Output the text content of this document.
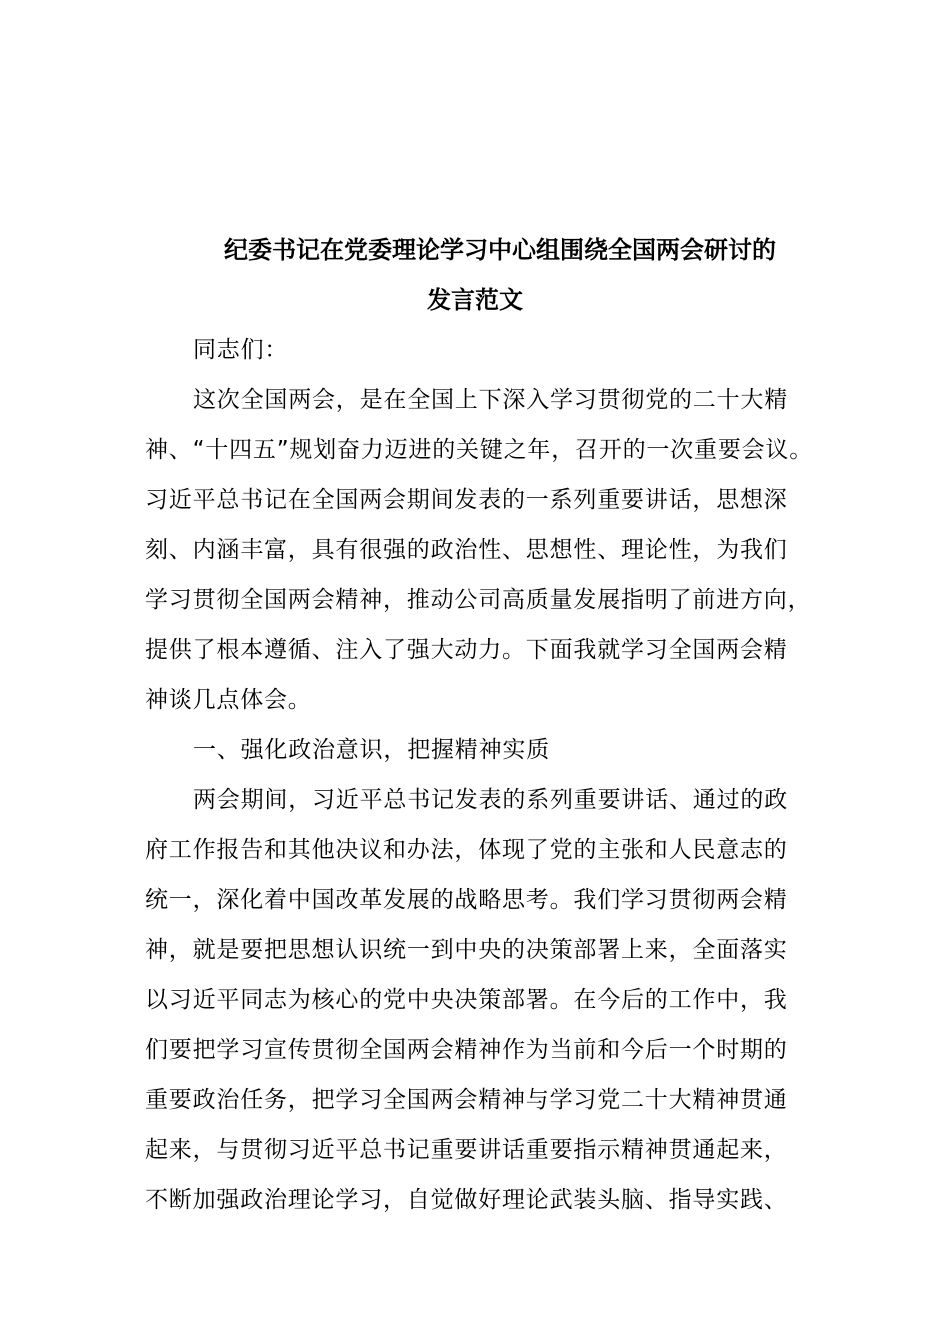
纪委书记在党委理论学习中心组围绕全国两会研讨的
发言范文
同志们：
这次全国两会，是在全国上下深入学习贯彻党的二十大精
神、“十四五”规划奋力迈进的关键之年，召开的一次重要会议。
习近平总书记在全国两会期间发表的一系列重要讲话，思想深
刻、内涵丰富，具有很强的政治性、思想性、理论性，为我们
学习贯彻全国两会精神，推动公司高质量发展指明了前进方向，
提供了根本遵循、注入了强大动力。下面我就学习全国两会精
神谈几点体会。
一、强化政治意识，把握精神实质
两会期间，习近平总书记发表的系列重要讲话、通过的政
府工作报告和其他决议和办法，体现了党的主张和人民意志的
统一，深化着中国改革发展的战略思考。我们学习贯彻两会精
神，就是要把思想认识统一到中央的决策部署上来，全面落实
以习近平同志为核心的党中央决策部署。在今后的工作中，我
们要把学习宣传贯彻全国两会精神作为当前和今后一个时期的
重要政治任务，把学习全国两会精神与学习党二十大精神贯通
起来，与贯彻习近平总书记重要讲话重要指示精神贯通起来，
不断加强政治理论学习，自觉做好理论武装头脑、指导实践、
